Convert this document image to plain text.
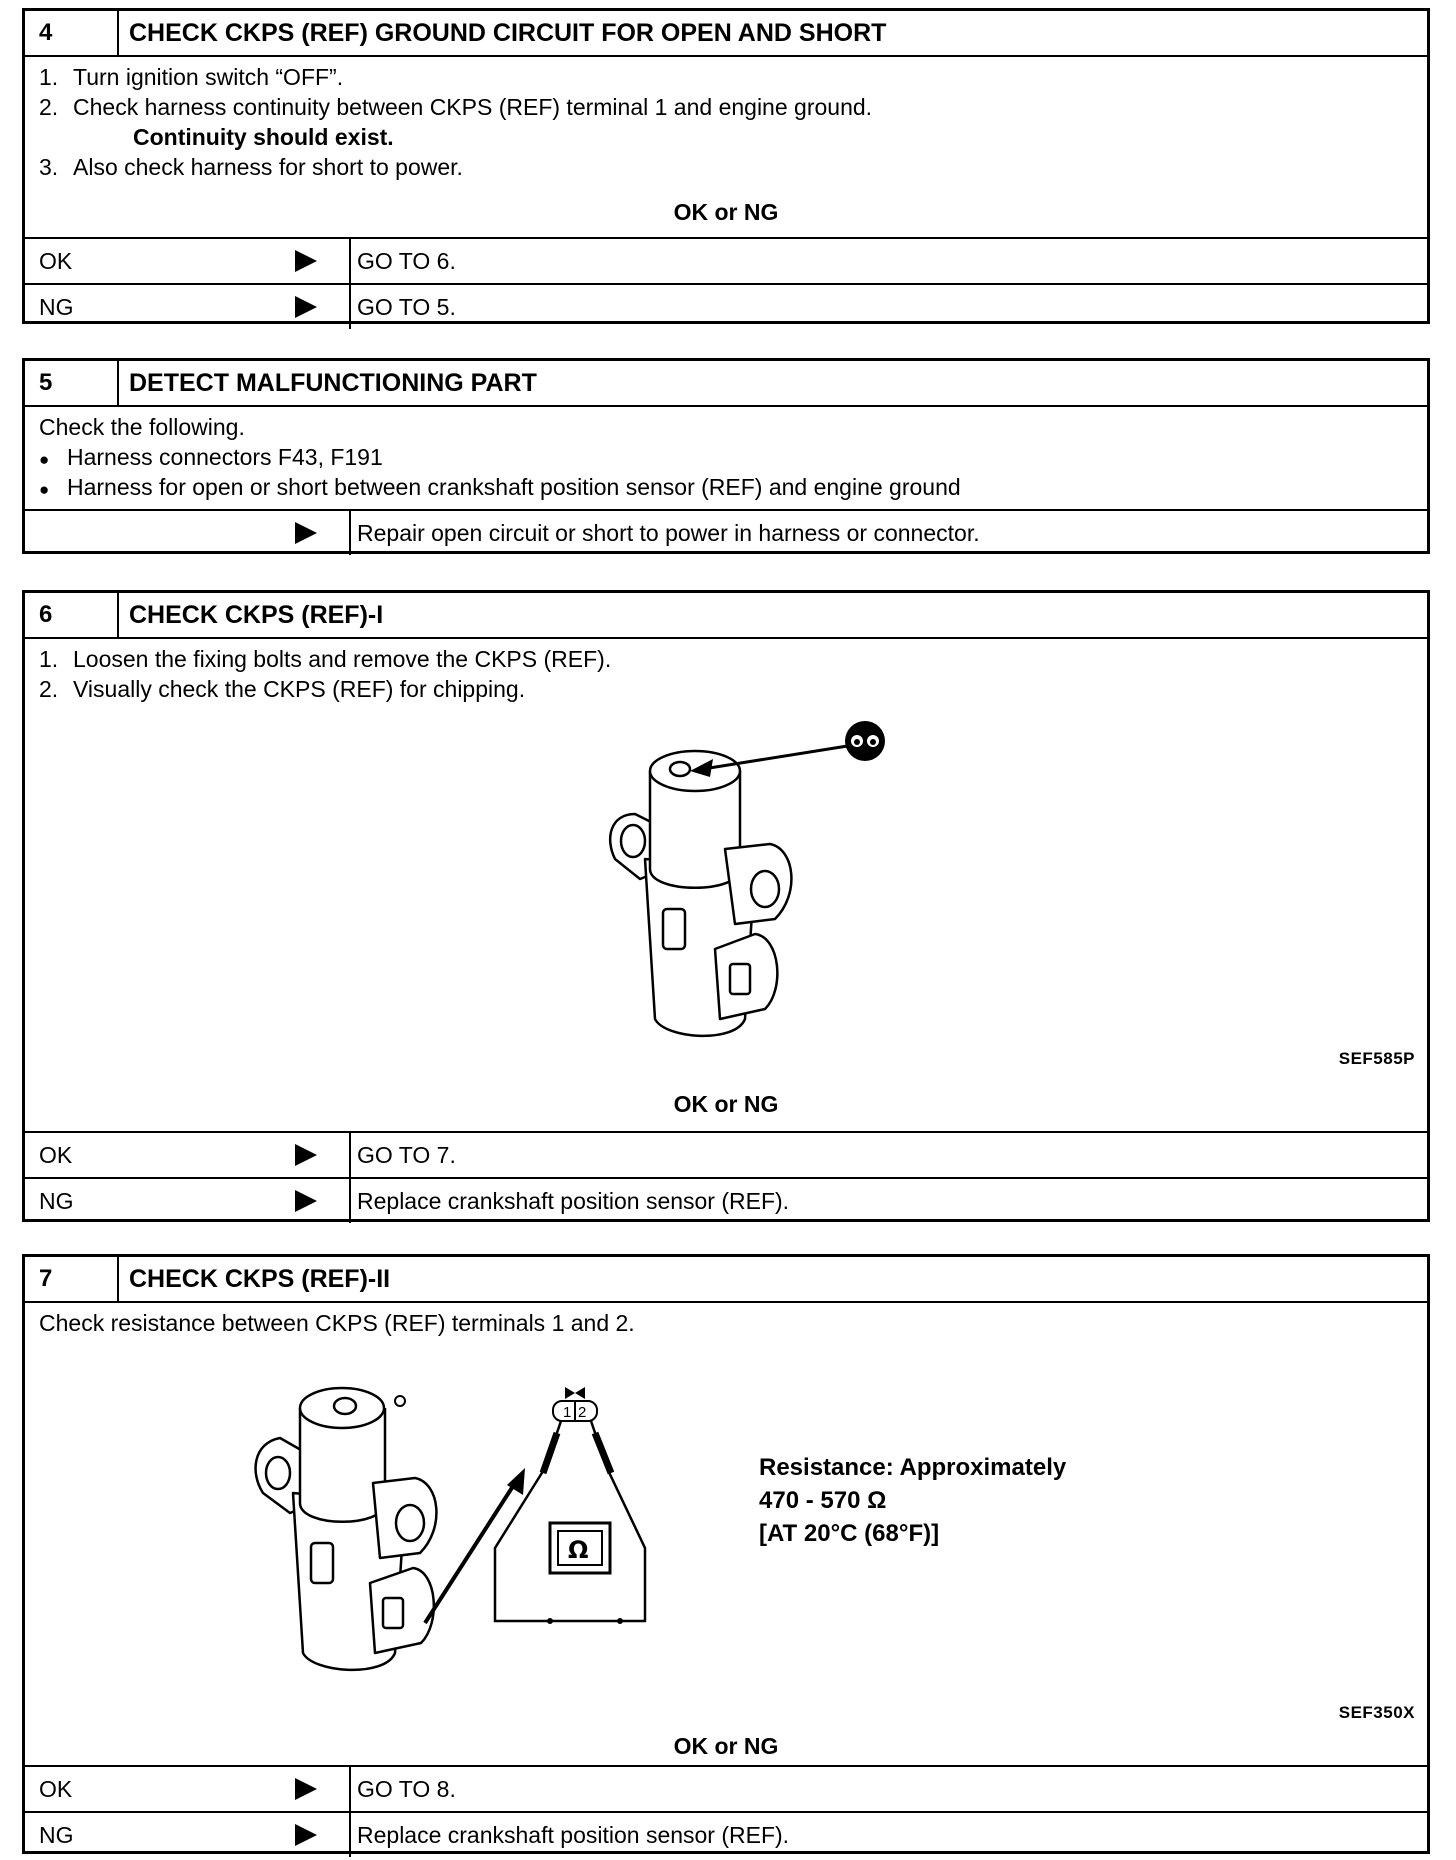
4	CHECK CKPS (REF) GROUND CIRCUIT FOR OPEN AND SHORT
1. Turn ignition switch “OFF”.
2. Check harness continuity between CKPS (REF) terminal 1 and engine ground.
Continuity should exist.
3. Also check harness for short to power.
OK or NG
OK	GO TO 6.
NG	GO TO 5.
5	DETECT MALFUNCTIONING PART
Check the following.
● Harness connectors F43, F191
● Harness for open or short between crankshaft position sensor (REF) and engine ground
Repair open circuit or short to power in harness or connector.
6	CHECK CKPS (REF)-I
1. Loosen the fixing bolts and remove the CKPS (REF).
2. Visually check the CKPS (REF) for chipping.
SEF585P
OK or NG
OK	GO TO 7.
NG	Replace crankshaft position sensor (REF).
7	CHECK CKPS (REF)-II
Check resistance between CKPS (REF) terminals 1 and 2.
1 2
Ω
Resistance: Approximately
470 - 570 Ω
[AT 20°C (68°F)]
SEF350X
OK or NG
OK	GO TO 8.
NG	Replace crankshaft position sensor (REF).
